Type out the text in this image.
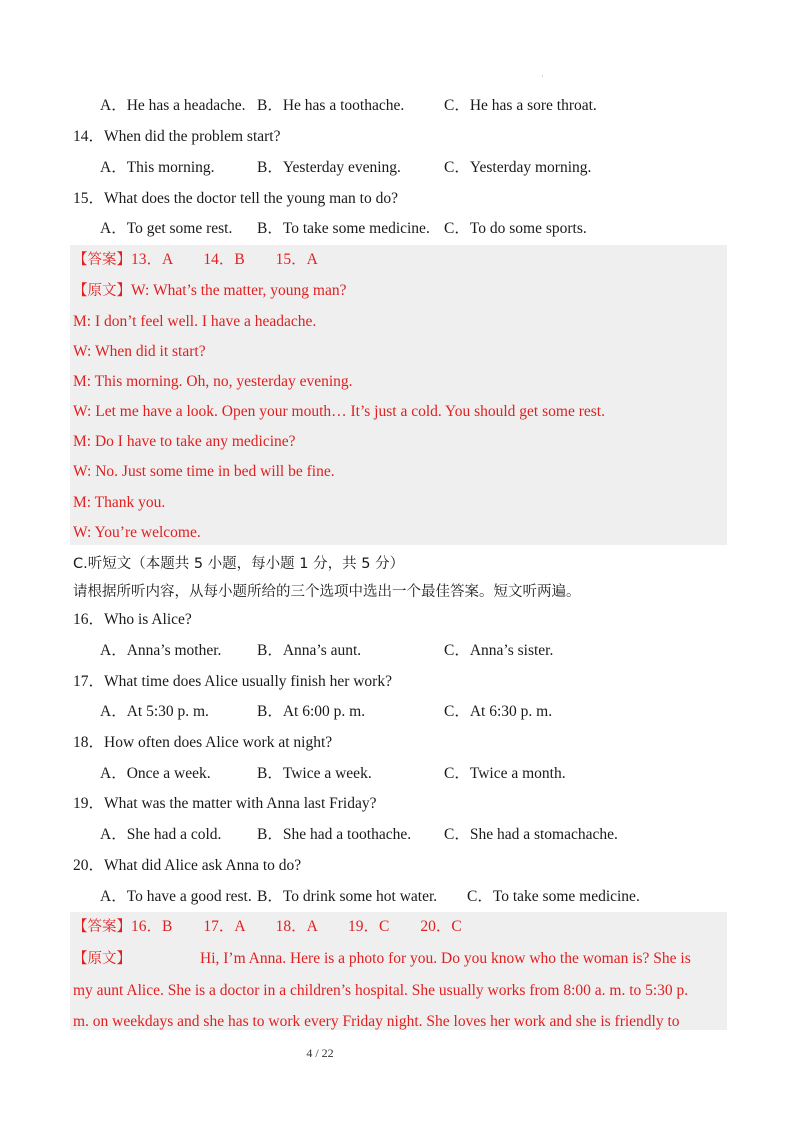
·
A．He has a headache. B．He has a toothache.	C．He has a sore throat.
14．When did the problem start?
A．This morning.	B．Yesterday evening.	C．Yesterday morning.
15．What does the doctor tell the young man to do?
A．To get some rest. B．To take some medicine. C．To do some sports.
【答案】13．A　　14．B　　15．A
【原文】W: What’s the matter, young man?
M: I don’t feel well. I have a headache.
W: When did it start?
M: This morning. Oh, no, yesterday evening.
W: Let me have a look. Open your mouth… It’s just a cold. You should get some rest.
M: Do I have to take any medicine?
W: No. Just some time in bed will be fine.
M: Thank you.
W: You’re welcome.
C.听短文（本题共 5 小题，每小题 1 分，共 5 分）
请根据所听内容，从每小题所给的三个选项中选出一个最佳答案。短文听两遍。
16．Who is Alice?
A．Anna’s mother. B．Anna’s aunt.	C．Anna’s sister.
17．What time does Alice usually finish her work?
A．At 5:30 p. m.	B．At 6:00 p. m.	C．At 6:30 p. m.
18．How often does Alice work at night?
A．Once a week.	B．Twice a week.	C．Twice a month.
19．What was the matter with Anna last Friday?
A．She had a cold. B．She had a toothache. C．She had a stomachache.
20．What did Alice ask Anna to do?
A．To have a good rest. B．To drink some hot water. C．To take some medicine.
【答案】16．B　　17．A　　18．A　　19．C　　20．C
【原文】	Hi, I’m Anna. Here is a photo for you. Do you know who the woman is? She is
my aunt Alice. She is a doctor in a children’s hospital. She usually works from 8:00 a. m. to 5:30 p.
m. on weekdays and she has to work every Friday night. She loves her work and she is friendly to
4 / 22
